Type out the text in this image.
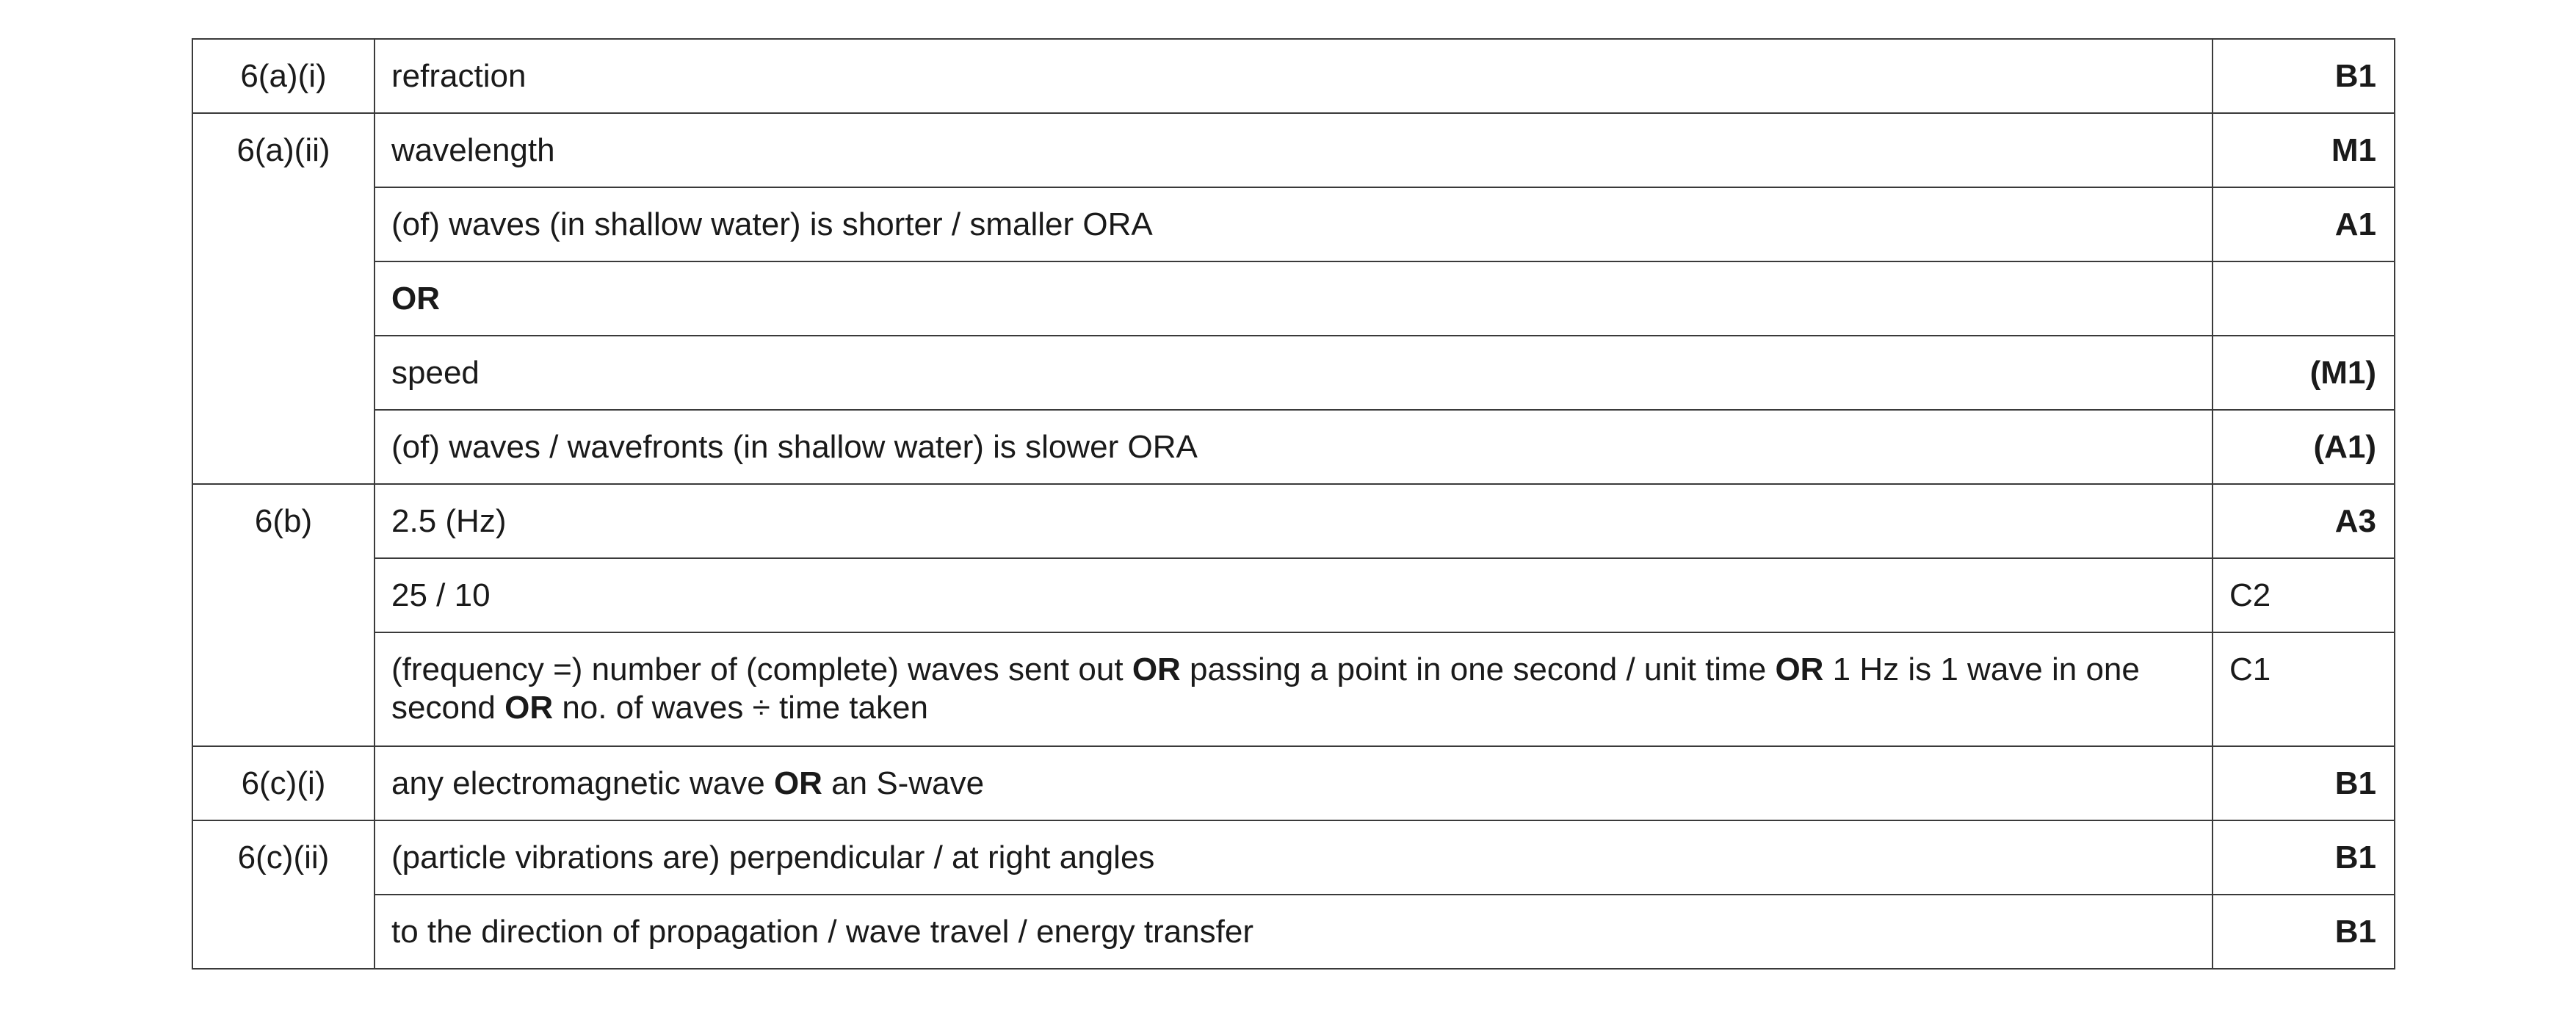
6(a)(i)	refraction	B1
6(a)(ii)	wavelength	M1
	(of) waves (in shallow water) is shorter / smaller ORA	A1
	OR	
	speed	(M1)
	(of) waves / wavefronts (in shallow water) is slower ORA	(A1)
6(b)	2.5 (Hz)	A3
	25 / 10	C2
	(frequency =) number of (complete) waves sent out OR passing a point in one second / unit time OR 1 Hz is 1 wave in one second OR no. of waves ÷ time taken	C1
6(c)(i)	any electromagnetic wave OR an S-wave	B1
6(c)(ii)	(particle vibrations are) perpendicular / at right angles	B1
	to the direction of propagation / wave travel / energy transfer	B1
